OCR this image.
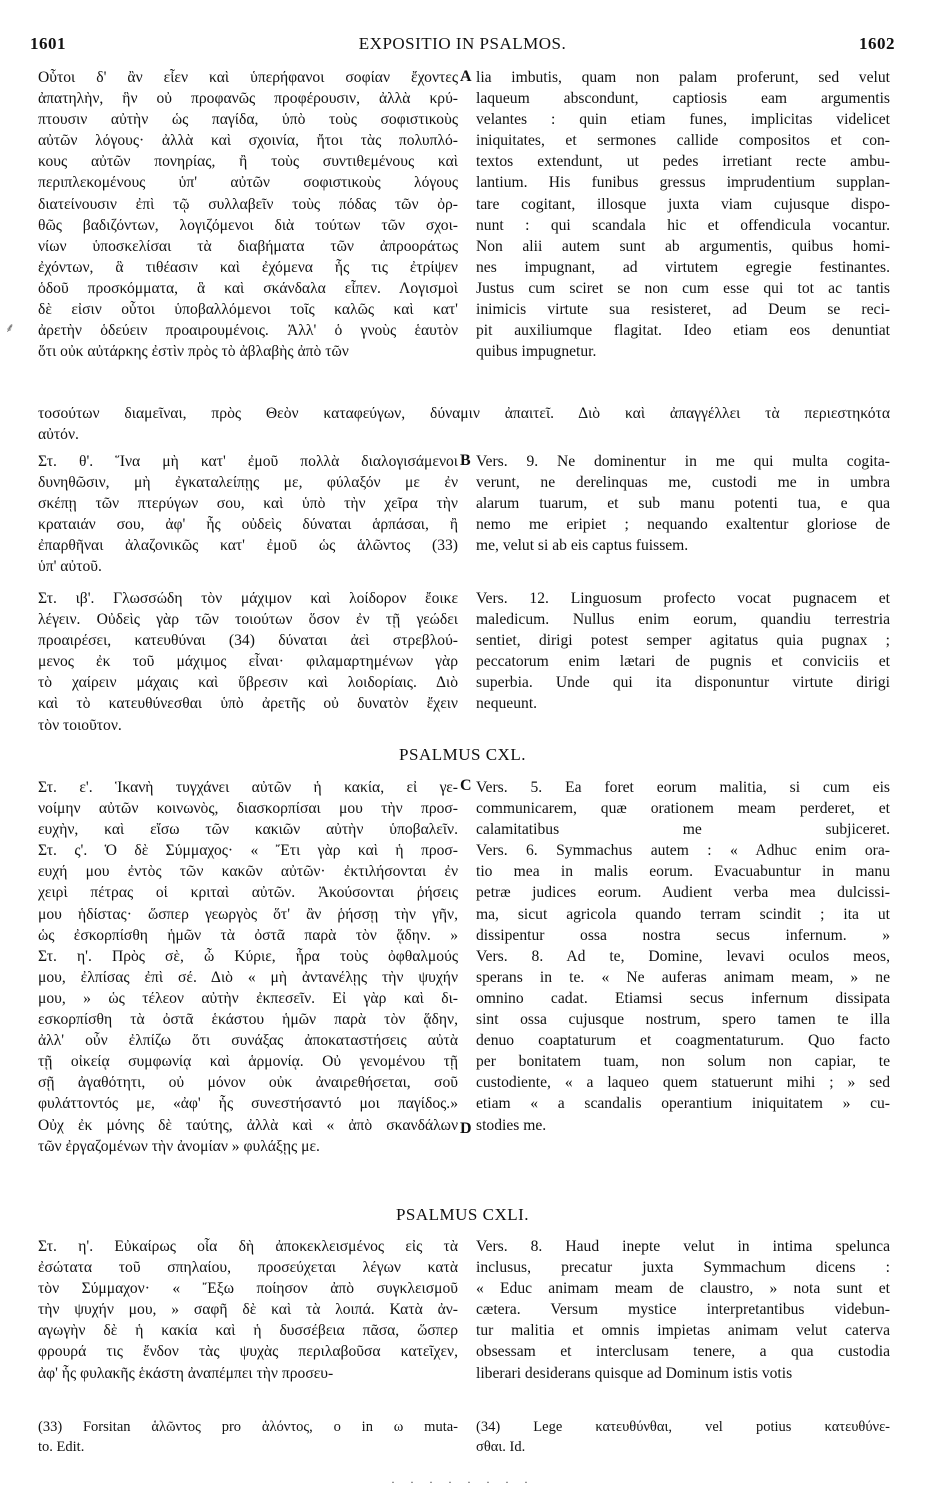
1601	EXPOSITIO IN PSALMOS.	1602
A
B
C
D
⸙
Οὗτοι δ' ἂν εἶεν καὶ ὑπερήφανοι σοφίαν ἔχοντες
ἀπατηλὴν, ἣν οὐ προφανῶς προφέρουσιν, ἀλλὰ κρύ-
πτουσιν αὐτὴν ὡς παγίδα, ὑπὸ τοὺς σοφιστικοὺς
αὐτῶν λόγους· ἀλλὰ καὶ σχοινία, ἤτοι τὰς πολυπλό-
κους αὐτῶν πονηρίας, ἢ τοὺς συντιθεμένους καὶ
περιπλεκομένους ὑπ' αὐτῶν σοφιστικοὺς λόγους
διατείνουσιν ἐπὶ τῷ συλλαβεῖν τοὺς πόδας τῶν ὀρ-
θῶς βαδιζόντων, λογιζόμενοι διὰ τούτων τῶν σχοι-
νίων ὑποσκελίσαι τὰ διαβήματα τῶν ἀπροοράτως
ἐχόντων, ἃ τιθέασιν καὶ ἐχόμενα ἧς τις ἐτρίψεν
ὁδοῦ προσκόμματα, ἃ καὶ σκάνδαλα εἶπεν. Λογισμοὶ
δὲ εἰσιν οὗτοι ὑποβαλλόμενοι τοῖς καλῶς καὶ κατ'
ἀρετὴν ὁδεύειν προαιρουμένοις. Ἀλλ' ὁ γνοὺς ἑαυτὸν
ὅτι οὐκ αὐτάρκης ἐστὶν πρὸς τὸ ἀβλαβὴς ἀπὸ τῶν
lia imbutis, quam non palam proferunt, sed velut
laqueum abscondunt, captiosis eam argumentis
velantes : quin etiam funes, implicitas videlicet
iniquitates, et sermones callide compositos et con-
textos extendunt, ut pedes irretiant recte ambu-
lantium. His funibus gressus imprudentium supplan-
tare cogitant, illosque juxta viam cujusque dispo-
nunt : qui scandala hic et offendicula vocantur.
Non alii autem sunt ab argumentis, quibus homi-
nes impugnant, ad virtutem egregie festinantes.
Justus cum sciret se non cum esse qui tot ac tantis
inimicis virtute sua resisteret, ad Deum se reci-
pit auxiliumque flagitat. Ideo etiam eos denuntiat
quibus impugnetur.
τοσούτων διαμεῖναι, πρὸς Θεὸν καταφεύγων, δύναμιν ἀπαιτεῖ. Διὸ καὶ ἀπαγγέλλει τὰ περιεστηκότα
αὐτόν.
Στ. θ'. Ἵνα μὴ κατ' ἐμοῦ πολλὰ διαλογισάμενοι
δυνηθῶσιν, μὴ ἐγκαταλείπῃς με, φύλαξόν με ἐν
σκέπῃ τῶν πτερύγων σου, καὶ ὑπὸ τὴν χεῖρα τὴν
κραταιάν σου, ἀφ' ἧς οὐδεὶς δύναται ἁρπάσαι, ἢ
ἐπαρθῆναι ἀλαζονικῶς κατ' ἐμοῦ ὡς ἁλῶντος (33)
ὑπ' αὐτοῦ.
Vers. 9. Ne dominentur in me qui multa cogita-
verunt, ne derelinquas me, custodi me in umbra
alarum tuarum, et sub manu potenti tua, e qua
nemo me eripiet ; nequando exaltentur gloriose de
me, velut si ab eis captus fuissem.
Στ. ιβ'. Γλωσσώδη τὸν μάχιμον καὶ λοίδορον ἔοικε
λέγειν. Οὐδεὶς γὰρ τῶν τοιούτων ὅσον ἐν τῇ γεώδει
προαιρέσει, κατευθύναι (34) δύναται ἀεὶ στρεβλού-
μενος ἐκ τοῦ μάχιμος εἶναι· φιλαμαρτημένων γὰρ
τὸ χαίρειν μάχαις καὶ ὕβρεσιν καὶ λοιδορίαις. Διὸ
καὶ τὸ κατευθύνεσθαι ὑπὸ ἀρετῆς οὐ δυνατὸν ἔχειν
τὸν τοιοῦτον.
Vers. 12. Linguosum profecto vocat pugnacem et
maledicum. Nullus enim eorum, quandiu terrestria
sentiet, dirigi potest semper agitatus quia pugnax ;
peccatorum enim lætari de pugnis et conviciis et
superbia. Unde qui ita disponuntur virtute dirigi
nequeunt.
PSALMUS CXL.
Στ. ε'. Ἱκανὴ τυγχάνει αὐτῶν ἡ κακία, εἰ γε-
νοίμην αὐτῶν κοινωνὸς, διασκορπίσαι μου τὴν προσ-
ευχὴν, καὶ εἴσω τῶν κακιῶν αὐτὴν ὑποβαλεῖν.
Στ. ς'. Ὁ δὲ Σύμμαχος· « Ἔτι γὰρ καὶ ἡ προσ-
ευχή μου ἐντὸς τῶν κακῶν αὐτῶν· ἐκτιλήσονται ἐν
χειρὶ πέτρας οἱ κριταὶ αὐτῶν. Ἀκούσονται ῥήσεις
μου ἡδίστας· ὥσπερ γεωργὸς ὅτ' ἂν ῥήσσῃ τὴν γῆν,
ὡς ἐσκορπίσθη ἡμῶν τὰ ὀστᾶ παρὰ τὸν ᾅδην. »
Στ. η'. Πρὸς σὲ, ὦ Κύριε, ἦρα τοὺς ὀφθαλμούς
μου, ἐλπίσας ἐπὶ σέ. Διὸ « μὴ ἀντανέλῃς τὴν ψυχήν
μου, » ὡς τέλεον αὐτὴν ἐκπεσεῖν. Εἰ γὰρ καὶ δι-
εσκορπίσθη τὰ ὀστᾶ ἑκάστου ἡμῶν παρὰ τὸν ᾅδην,
ἀλλ' οὖν ἐλπίζω ὅτι συνάξας ἀποκαταστήσεις αὐτὰ
τῇ οἰκείᾳ συμφωνίᾳ καὶ ἁρμονίᾳ. Οὐ γενομένου τῇ
σῇ ἀγαθότητι, οὐ μόνον οὐκ ἀναιρεθήσεται, σοῦ
φυλάττοντός με, «ἀφ' ἧς συνεστήσαντό μοι παγίδος.»
Οὐχ ἐκ μόνης δὲ ταύτης, ἀλλὰ καὶ « ἀπὸ σκανδάλων
τῶν ἐργαζομένων τὴν ἀνομίαν » φυλάξῃς με.
Vers. 5. Ea foret eorum malitia, si cum eis
communicarem, quæ orationem meam perderet, et
calamitatibus me subjiceret.
Vers. 6. Symmachus autem : « Adhuc enim ora-
tio mea in malis eorum. Evacuabuntur in manu
petræ judices eorum. Audient verba mea dulcissi-
ma, sicut agricola quando terram scindit ; ita ut
dissipentur ossa nostra secus infernum. »
Vers. 8. Ad te, Domine, levavi oculos meos,
sperans in te. « Ne auferas animam meam, » ne
omnino cadat. Etiamsi secus infernum dissipata
sint ossa cujusque nostrum, spero tamen te illa
denuo coaptaturum et coagmentaturum. Quo facto
per bonitatem tuam, non solum non capiar, te
custodiente, « a laqueo quem statuerunt mihi ; » sed
etiam « a scandalis operantium iniquitatem » cu-
stodies me.
PSALMUS CXLI.
Στ. η'. Εὐκαίρως οἷα δὴ ἀποκεκλεισμένος εἰς τὰ
ἐσώτατα τοῦ σπηλαίου, προσεύχεται λέγων κατὰ
τὸν Σύμμαχον· « Ἔξω ποίησον ἀπὸ συγκλεισμοῦ
τὴν ψυχήν μου, » σαφῆ δὲ καὶ τὰ λοιπά. Κατὰ ἀν-
αγωγὴν δὲ ἡ κακία καὶ ἡ δυσσέβεια πᾶσα, ὥσπερ
φρουρά τις ἔνδον τὰς ψυχὰς περιλαβοῦσα κατεῖχεν,
ἀφ' ἧς φυλακῆς ἑκάστη ἀναπέμπει τὴν προσευ-
Vers. 8. Haud inepte velut in intima spelunca
inclusus, precatur juxta Symmachum dicens :
« Educ animam meam de claustro, » nota sunt et
cætera. Versum mystice interpretantibus videbun-
tur malitia et omnis impietas animam velut caterva
obsessam et interclusam tenere, a qua custodia
liberari desiderans quisque ad Dominum istis votis
(33) Forsitan ἁλῶντος pro ἁλόντος, o in ω muta-
to. Edit.
(34) Lege κατευθύνθαι, vel potius κατευθύνε-
σθαι. Id.
· · · · · · · ·
